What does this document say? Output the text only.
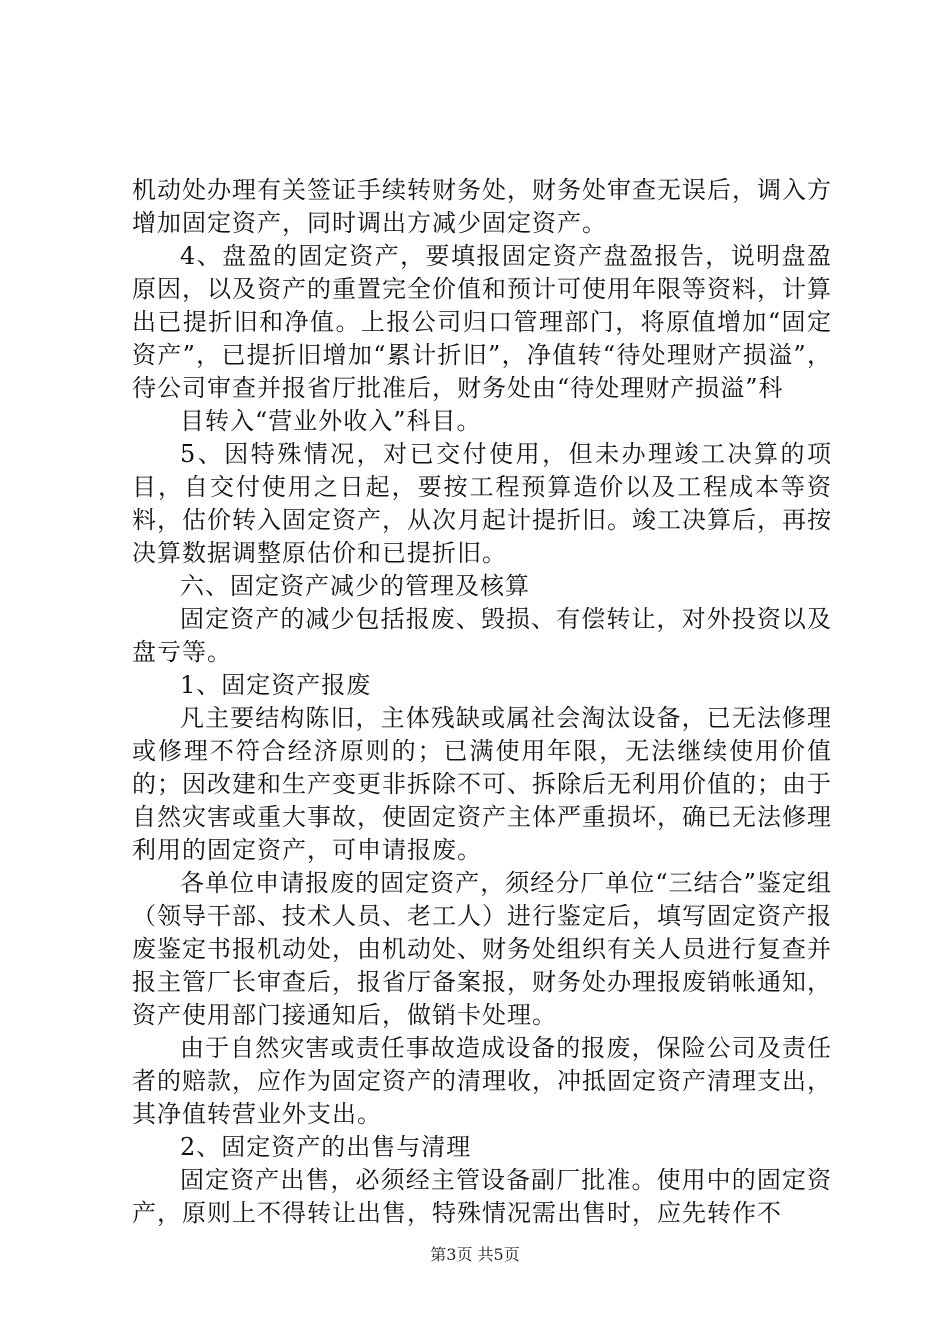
机动处办理有关签证手续转财务处，财务处审查无误后，调入方增加固定资产，同时调出方减少固定资产。

4、盘盈的固定资产，要填报固定资产盘盈报告，说明盘盈原因，以及资产的重置完全价值和预计可使用年限等资料，计算出已提折旧和净值。上报公司归口管理部门，将原值增加“固定资产”，已提折旧增加“累计折旧”，净值转“待处理财产损溢”，待公司审查并报省厅批准后，财务处由“待处理财产损溢”科

目转入“营业外收入”科目。

5、因特殊情况，对已交付使用，但未办理竣工决算的项目，自交付使用之日起，要按工程预算造价以及工程成本等资料，估价转入固定资产，从次月起计提折旧。竣工决算后，再按决算数据调整原估价和已提折旧。

六、固定资产减少的管理及核算

固定资产的减少包括报废、毁损、有偿转让，对外投资以及盘亏等。

1、固定资产报废

凡主要结构陈旧，主体残缺或属社会淘汰设备，已无法修理或修理不符合经济原则的；已满使用年限，无法继续使用价值的；因改建和生产变更非拆除不可、拆除后无利用价值的；由于自然灾害或重大事故，使固定资产主体严重损坏，确已无法修理利用的固定资产，可申请报废。

各单位申请报废的固定资产，须经分厂单位“三结合”鉴定组（领导干部、技术人员、老工人）进行鉴定后，填写固定资产报废鉴定书报机动处，由机动处、财务处组织有关人员进行复查并报主管厂长审查后，报省厅备案报，财务处办理报废销帐通知，资产使用部门接通知后，做销卡处理。

由于自然灾害或责任事故造成设备的报废，保险公司及责任者的赔款，应作为固定资产的清理收，冲抵固定资产清理支出，其净值转营业外支出。

2、固定资产的出售与清理

固定资产出售，必须经主管设备副厂批准。使用中的固定资产，原则上不得转让出售，特殊情况需出售时，应先转作不

第3页 共5页
